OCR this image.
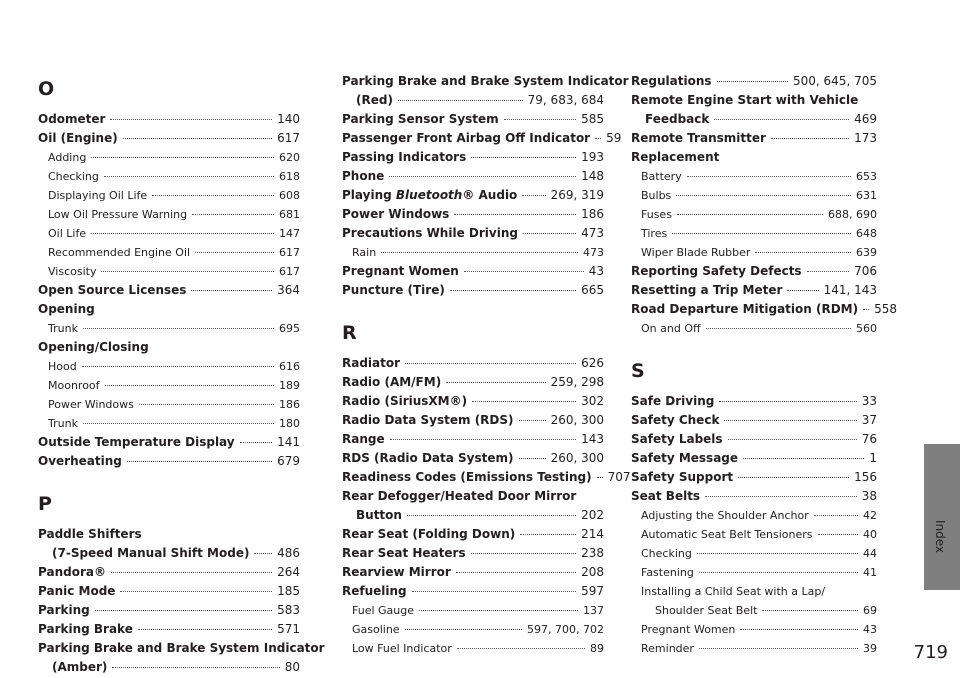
O
Odometer	140
Oil (Engine)	617
Adding	620
Checking	618
Displaying Oil Life	608
Low Oil Pressure Warning	681
Oil Life	147
Recommended Engine Oil	617
Viscosity	617
Open Source Licenses	364
Opening
Trunk	695
Opening/Closing
Hood	616
Moonroof	189
Power Windows	186
Trunk	180
Outside Temperature Display	141
Overheating	679
P
Paddle Shifters
(7-Speed Manual Shift Mode) 486
Pandora®	264
Panic Mode	185
Parking	583
Parking Brake	571
Parking Brake and Brake System Indicator
(Amber)	80
Parking Brake and Brake System Indicator
(Red)	79, 683, 684
Parking Sensor System	585
Passenger Front Airbag Off Indicator 59
Passing Indicators	193
Phone	148
Playing Bluetooth® Audio	269, 319
Power Windows	186
Precautions While Driving	473
Rain	473
Pregnant Women	43
Puncture (Tire)	665
R
Radiator	626
Radio (AM/FM)	259, 298
Radio (SiriusXM®)	302
Radio Data System (RDS)	260, 300
Range	143
RDS (Radio Data System)	260, 300
Readiness Codes (Emissions Testing) 707
Rear Defogger/Heated Door Mirror
Button	202
Rear Seat (Folding Down)	214
Rear Seat Heaters	238
Rearview Mirror	208
Refueling	597
Fuel Gauge	137
Gasoline	597, 700, 702
Low Fuel Indicator	89
Regulations	500, 645, 705
Remote Engine Start with Vehicle
Feedback	469
Remote Transmitter	173
Replacement
Battery	653
Bulbs	631
Fuses	688, 690
Tires	648
Wiper Blade Rubber	639
Reporting Safety Defects	706
Resetting a Trip Meter	141, 143
Road Departure Mitigation (RDM) 558
On and Off	560
S
Safe Driving	33
Safety Check	37
Safety Labels	76
Safety Message	1
Safety Support	156
Seat Belts	38
Adjusting the Shoulder Anchor	42
Automatic Seat Belt Tensioners	40
Checking	44
Fastening	41
Installing a Child Seat with a Lap/
Shoulder Seat Belt	69
Pregnant Women	43
Reminder	39
Index
719
